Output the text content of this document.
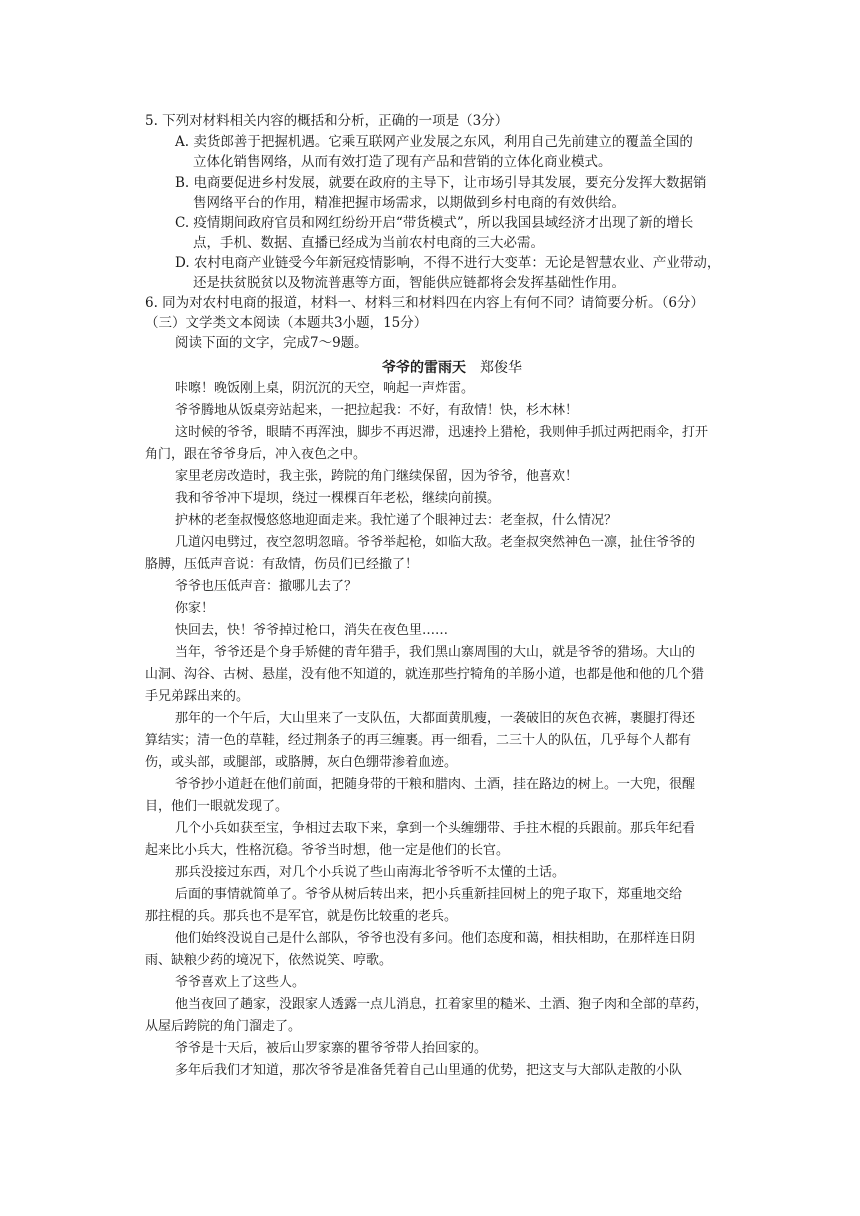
5. 下列对材料相关内容的概括和分析，正确的一项是（3分）
A. 卖货郎善于把握机遇。它乘互联网产业发展之东风，利用自己先前建立的覆盖全国的
立体化销售网络，从而有效打造了现有产品和营销的立体化商业模式。
B. 电商要促进乡村发展，就要在政府的主导下，让市场引导其发展，要充分发挥大数据销
售网络平台的作用，精准把握市场需求，以期做到乡村电商的有效供给。
C. 疫情期间政府官员和网红纷纷开启“带货模式”，所以我国县域经济才出现了新的增长
点，手机、数据、直播已经成为当前农村电商的三大必需。
D. 农村电商产业链受今年新冠疫情影响，不得不进行大变革：无论是智慧农业、产业带动，
还是扶贫脱贫以及物流普惠等方面，智能供应链都将会发挥基础性作用。
6. 同为对农村电商的报道，材料一、材料三和材料四在内容上有何不同？请简要分析。（6分）
（三）文学类文本阅读（本题共3小题，15分）
阅读下面的文字，完成7～9题。
爷爷的雷雨天 郑俊华
咔嚓！晚饭刚上桌，阴沉沉的天空，响起一声炸雷。
爷爷腾地从饭桌旁站起来，一把拉起我：不好，有敌情！快，杉木林！
这时候的爷爷，眼睛不再浑浊，脚步不再迟滞，迅速拎上猎枪，我则伸手抓过两把雨伞，打开
角门，跟在爷爷身后，冲入夜色之中。
家里老房改造时，我主张，跨院的角门继续保留，因为爷爷，他喜欢！
我和爷爷冲下堤坝，绕过一棵棵百年老松，继续向前摸。
护林的老奎叔慢悠悠地迎面走来。我忙递了个眼神过去：老奎叔，什么情况？
几道闪电劈过，夜空忽明忽暗。爷爷举起枪，如临大敌。老奎叔突然神色一凛，扯住爷爷的
胳膊，压低声音说：有敌情，伤员们已经撤了！
爷爷也压低声音：撤哪儿去了？
你家！
快回去，快！爷爷掉过枪口，消失在夜色里……
当年，爷爷还是个身手矫健的青年猎手，我们黑山寨周围的大山，就是爷爷的猎场。大山的
山洞、沟谷、古树、悬崖，没有他不知道的，就连那些拧犄角的羊肠小道，也都是他和他的几个猎
手兄弟踩出来的。
那年的一个午后，大山里来了一支队伍，大都面黄肌瘦，一袭破旧的灰色衣裤，裹腿打得还
算结实；清一色的草鞋，经过荆条子的再三缠裹。再一细看，二三十人的队伍，几乎每个人都有
伤，或头部，或腿部，或胳膊，灰白色绷带渗着血迹。
爷爷抄小道赶在他们前面，把随身带的干粮和腊肉、土酒，挂在路边的树上。一大兜，很醒
目，他们一眼就发现了。
几个小兵如获至宝，争相过去取下来，拿到一个头缠绷带、手拄木棍的兵跟前。那兵年纪看
起来比小兵大，性格沉稳。爷爷当时想，他一定是他们的长官。
那兵没接过东西，对几个小兵说了些山南海北爷爷听不太懂的土话。
后面的事情就简单了。爷爷从树后转出来，把小兵重新挂回树上的兜子取下，郑重地交给
那拄棍的兵。那兵也不是军官，就是伤比较重的老兵。
他们始终没说自己是什么部队，爷爷也没有多问。他们态度和蔼，相扶相助，在那样连日阴
雨、缺粮少药的境况下，依然说笑、哼歌。
爷爷喜欢上了这些人。
他当夜回了趟家，没跟家人透露一点儿消息，扛着家里的糙米、土酒、狍子肉和全部的草药，
从屋后跨院的角门溜走了。
爷爷是十天后，被后山罗家寨的瞿爷爷带人抬回家的。
多年后我们才知道，那次爷爷是准备凭着自己山里通的优势，把这支与大部队走散的小队
